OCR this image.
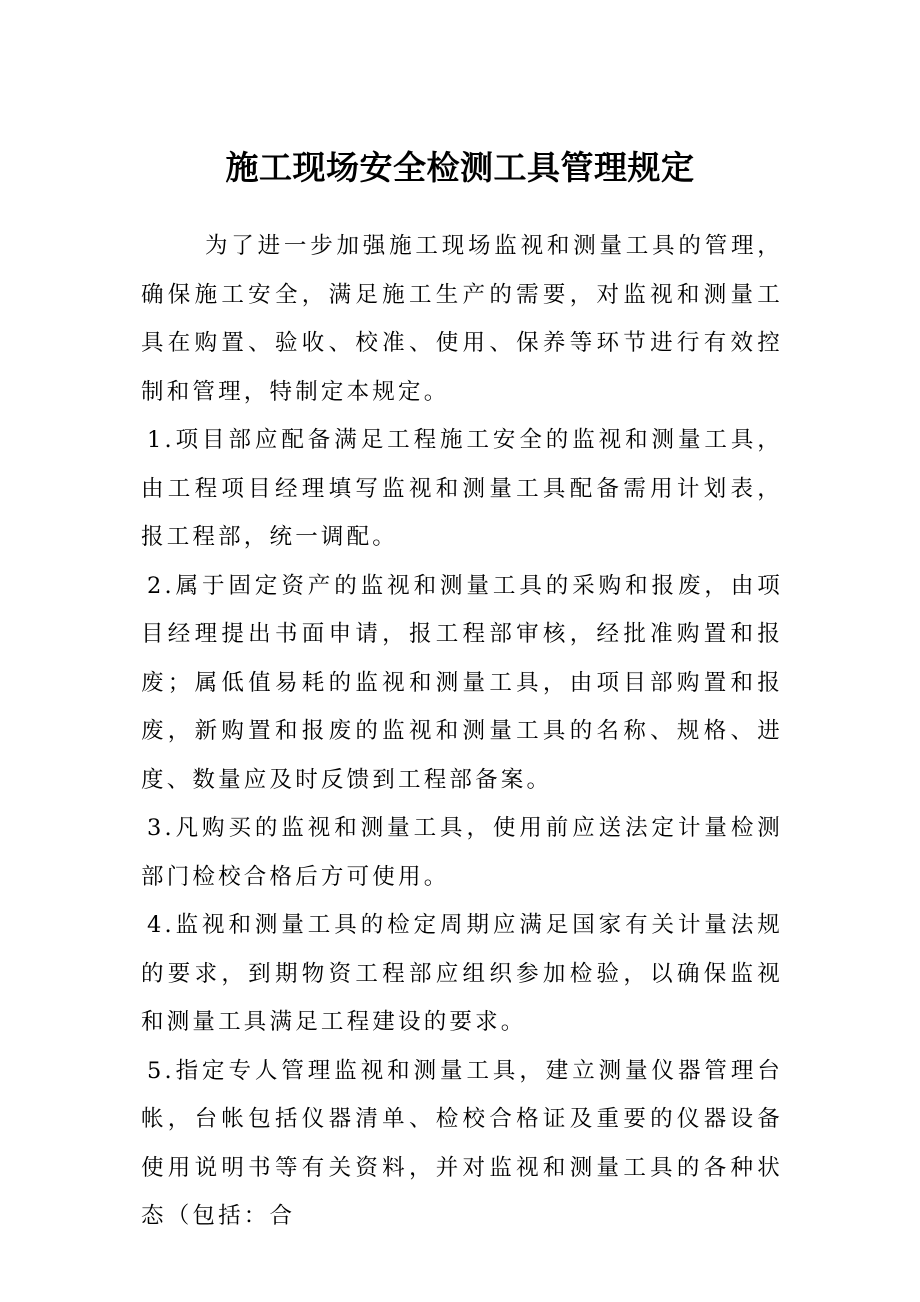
施工现场安全检测工具管理规定

为了进一步加强施工现场监视和测量工具的管理，确保施工安全，满足施工生产的需要，对监视和测量工具在购置、验收、校准、使用、保养等环节进行有效控制和管理，特制定本规定。

1.项目部应配备满足工程施工安全的监视和测量工具，由工程项目经理填写监视和测量工具配备需用计划表，报工程部，统一调配。

2.属于固定资产的监视和测量工具的采购和报废，由项目经理提出书面申请，报工程部审核，经批准购置和报废；属低值易耗的监视和测量工具，由项目部购置和报废，新购置和报废的监视和测量工具的名称、规格、进度、数量应及时反馈到工程部备案。

3.凡购买的监视和测量工具，使用前应送法定计量检测部门检校合格后方可使用。

4.监视和测量工具的检定周期应满足国家有关计量法规的要求，到期物资工程部应组织参加检验，以确保监视和测量工具满足工程建设的要求。

5.指定专人管理监视和测量工具，建立测量仪器管理台帐，台帐包括仪器清单、检校合格证及重要的仪器设备使用说明书等有关资料，并对监视和测量工具的各种状态（包括：合
